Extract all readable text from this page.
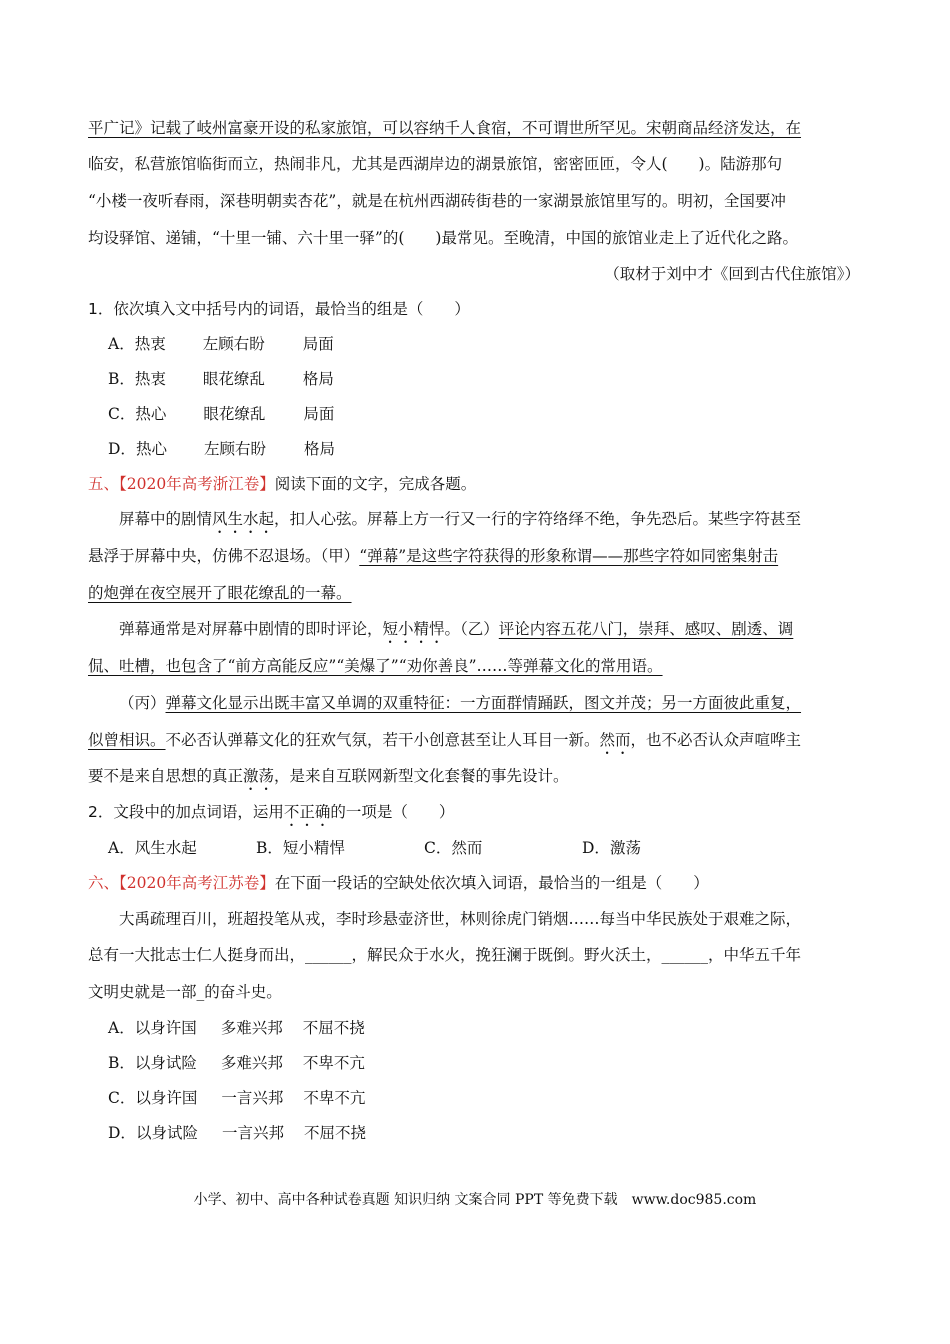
平广记》记载了岐州富豪开设的私家旅馆，可以容纳千人食宿，不可谓世所罕见。宋朝商品经济发达，在
临安，私营旅馆临街而立，热闹非凡，尤其是西湖岸边的湖景旅馆，密密匝匝，令人(　　)。陆游那句
“小楼一夜听春雨，深巷明朝卖杏花”，就是在杭州西湖砖街巷的一家湖景旅馆里写的。明初，全国要冲
均设驿馆、递铺，“十里一铺、六十里一驿”的(　　)最常见。至晚清，中国的旅馆业走上了近代化之路。
（取材于刘中才《回到古代住旅馆》）
1．依次填入文中括号内的词语，最恰当的组是（　　）
A．热衷 左顾右盼 局面
B．热衷 眼花缭乱 格局
C．热心 眼花缭乱 局面
D．热心 左顾右盼 格局
五、【2020年高考浙江卷】阅读下面的文字，完成各题。
屏幕中的剧情风生水起，扣人心弦。屏幕上方一行又一行的字符络绎不绝，争先恐后。某些字符甚至
悬浮于屏幕中央，仿佛不忍退场。（甲）“弹幕”是这些字符获得的形象称谓——那些字符如同密集射击
的炮弹在夜空展开了眼花缭乱的一幕。
弹幕通常是对屏幕中剧情的即时评论，短小精悍。（乙）评论内容五花八门，崇拜、感叹、剧透、调
侃、吐槽，也包含了“前方高能反应”“美爆了”“劝你善良”……等弹幕文化的常用语。
（丙）弹幕文化显示出既丰富又单调的双重特征：一方面群情踊跃，图文并茂；另一方面彼此重复，
似曾相识。不必否认弹幕文化的狂欢气氛，若干小创意甚至让人耳目一新。然而，也不必否认众声喧哗主
要不是来自思想的真正激荡，是来自互联网新型文化套餐的事先设计。
2．文段中的加点词语，运用不正确的一项是（　　）
A．风生水起	B．短小精悍	C．然而	D．激荡
六、【2020年高考江苏卷】在下面一段话的空缺处依次填入词语，最恰当的一组是（　　）
大禹疏理百川，班超投笔从戎，李时珍悬壶济世，林则徐虎门销烟……每当中华民族处于艰难之际，
总有一大批志士仁人挺身而出，______，解民众于水火，挽狂澜于既倒。野火沃土，______，中华五千年
文明史就是一部_的奋斗史。
A．以身许国 多难兴邦 不屈不挠
B．以身试险 多难兴邦 不卑不亢
C．以身许国 一言兴邦 不卑不亢
D．以身试险 一言兴邦 不屈不挠
小学、初中、高中各种试卷真题 知识归纳 文案合同 PPT 等免费下载　www.doc985.com
